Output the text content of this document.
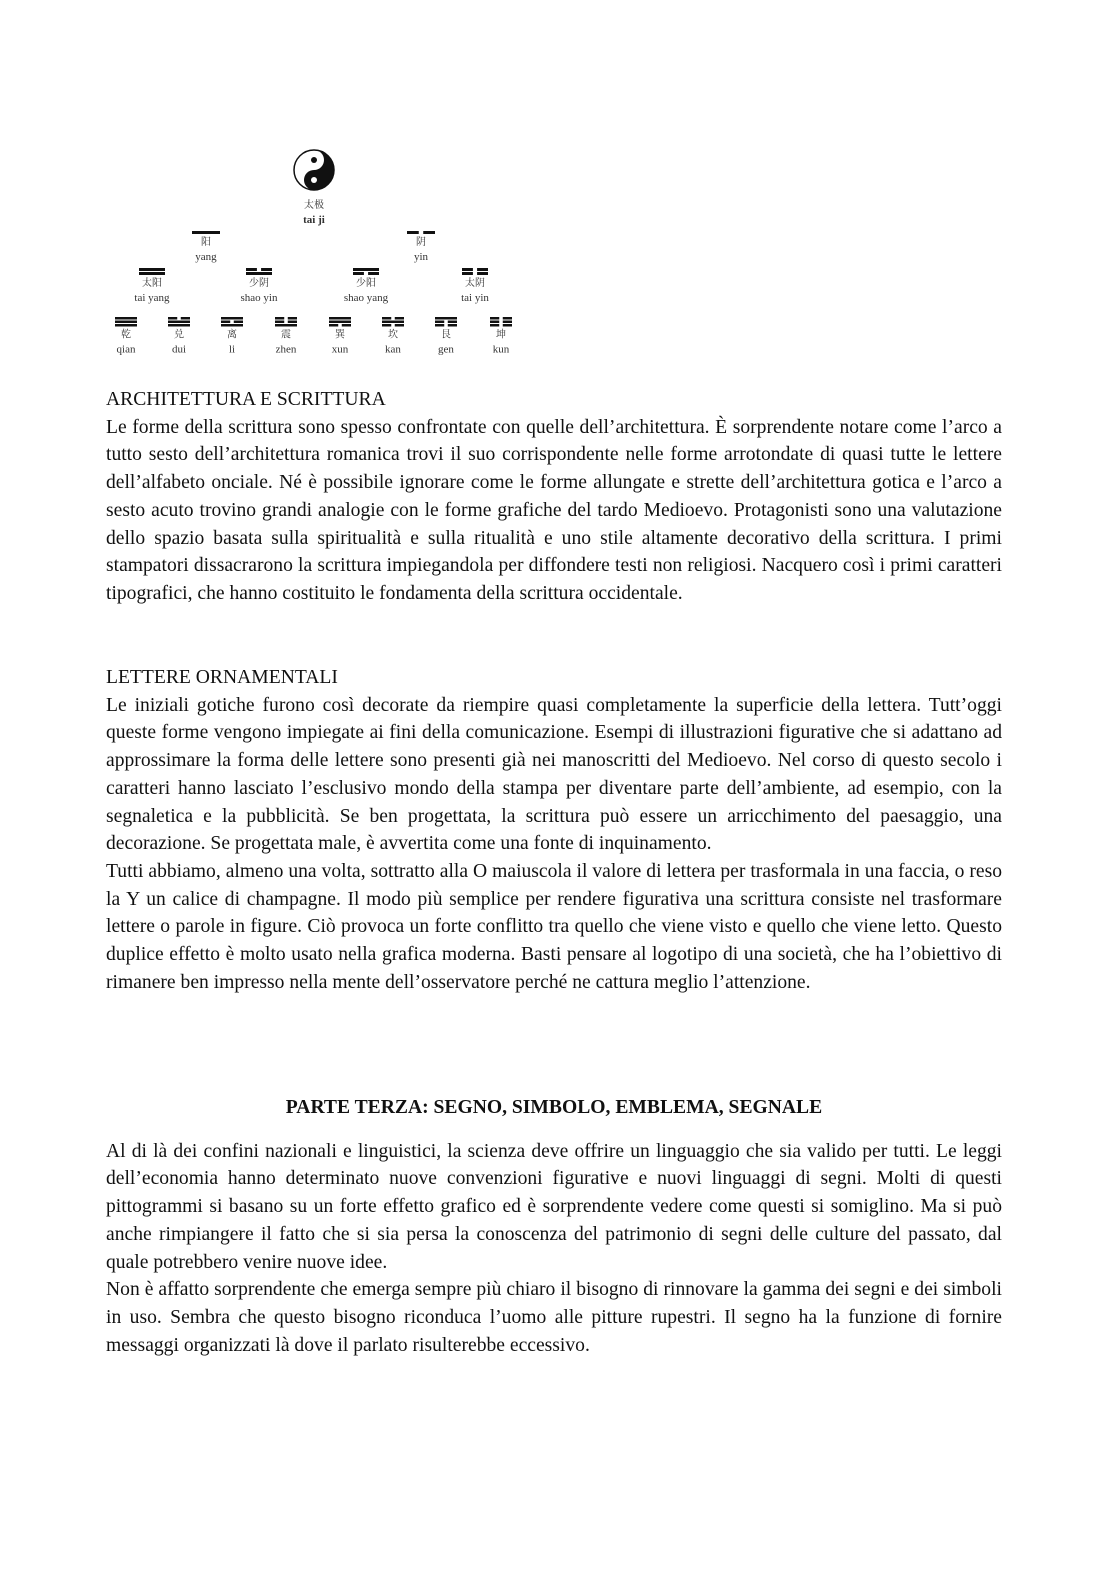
太极
tai ji
阳
yang
阴
yin
太阳
tai yang
少阴
shao yin
少阳
shao yang
太阴
tai yin
乾
qian
兑
dui
离
li
震
zhen
巽
xun
坎
kan
艮
gen
坤
kun

ARCHITETTURA E SCRITTURA

Le forme della scrittura sono spesso confrontate con quelle dell’architettura. È sorprendente notare come l’arco a tutto sesto dell’architettura romanica trovi il suo corrispondente nelle forme arrotondate di quasi tutte le lettere dell’alfabeto onciale. Né è possibile ignorare come le forme allungate e strette dell’architettura gotica e l’arco a sesto acuto trovino grandi analogie con le forme grafiche del tardo Medioevo. Protagonisti sono una valutazione dello spazio basata sulla spiritualità e sulla ritualità e uno stile altamente decorativo della scrittura. I primi stampatori dissacrarono la scrittura impiegandola per diffondere testi non religiosi. Nacquero così i primi caratteri tipografici, che hanno costituito le fondamenta della scrittura occidentale.

LETTERE ORNAMENTALI

Le iniziali gotiche furono così decorate da riempire quasi completamente la superficie della lettera. Tutt’oggi queste forme vengono impiegate ai fini della comunicazione. Esempi di illustrazioni figurative che si adattano ad approssimare la forma delle lettere sono presenti già nei manoscritti del Medioevo. Nel corso di questo secolo i caratteri hanno lasciato l’esclusivo mondo della stampa per diventare parte dell’ambiente, ad esempio, con la segnaletica e la pubblicità. Se ben progettata, la scrittura può essere un arricchimento del paesaggio, una decorazione. Se progettata male, è avvertita come una fonte di inquinamento.

Tutti abbiamo, almeno una volta, sottratto alla O maiuscola il valore di lettera per trasformala in una faccia, o reso la Y un calice di champagne. Il modo più semplice per rendere figurativa una scrittura consiste nel trasformare lettere o parole in figure. Ciò provoca un forte conflitto tra quello che viene visto e quello che viene letto. Questo duplice effetto è molto usato nella grafica moderna. Basti pensare al logotipo di una società, che ha l’obiettivo di rimanere ben impresso nella mente dell’osservatore perché ne cattura meglio l’attenzione.

PARTE TERZA: SEGNO, SIMBOLO, EMBLEMA, SEGNALE

Al di là dei confini nazionali e linguistici, la scienza deve offrire un linguaggio che sia valido per tutti. Le leggi dell’economia hanno determinato nuove convenzioni figurative e nuovi linguaggi di segni. Molti di questi pittogrammi si basano su un forte effetto grafico ed è sorprendente vedere come questi si somiglino. Ma si può anche rimpiangere il fatto che si sia persa la conoscenza del patrimonio di segni delle culture del passato, dal quale potrebbero venire nuove idee.

Non è affatto sorprendente che emerga sempre più chiaro il bisogno di rinnovare la gamma dei segni e dei simboli in uso. Sembra che questo bisogno riconduca l’uomo alle pitture rupestri. Il segno ha la funzione di fornire messaggi organizzati là dove il parlato risulterebbe eccessivo.
